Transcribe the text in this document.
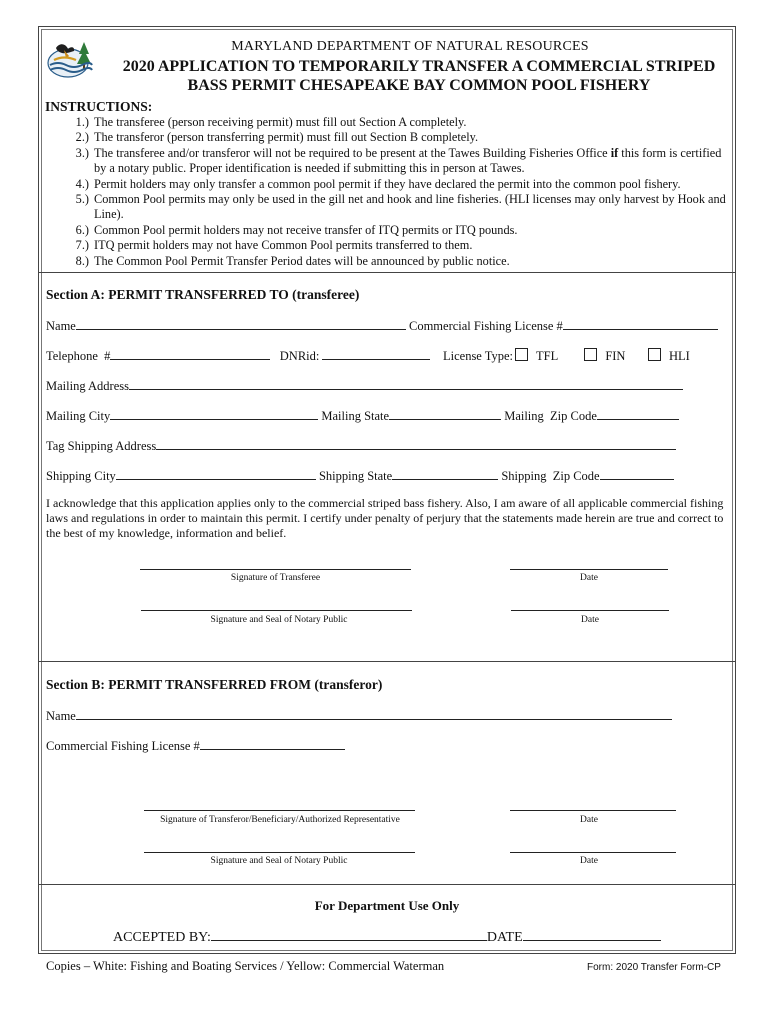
MARYLAND DEPARTMENT OF NATURAL RESOURCES
2020 APPLICATION TO TEMPORARILY TRANSFER A COMMERCIAL STRIPED
BASS PERMIT CHESAPEAKE BAY COMMON POOL FISHERY
INSTRUCTIONS:
1.) The transferee (person receiving permit) must fill out Section A completely.
2.) The transferor (person transferring permit) must fill out Section B completely.
3.) The transferee and/or transferor will not be required to be present at the Tawes Building Fisheries Office if this form is certified by a notary public. Proper identification is needed if submitting this in person at Tawes.
4.) Permit holders may only transfer a common pool permit if they have declared the permit into the common pool fishery.
5.) Common Pool permits may only be used in the gill net and hook and line fisheries. (HLI licenses may only harvest by Hook and Line).
6.) Common Pool permit holders may not receive transfer of ITQ permits or ITQ pounds.
7.) ITQ permit holders may not have Common Pool permits transferred to them.
8.) The Common Pool Permit Transfer Period dates will be announced by public notice.
Section A: PERMIT TRANSFERRED TO (transferee)
Name	Commercial Fishing License #
Telephone  #	DNRid:	License Type: TFL	FIN	HLI
Mailing Address
Mailing City	Mailing State	Mailing  Zip Code
Tag Shipping Address
Shipping City	Shipping State	Shipping  Zip Code
I acknowledge that this application applies only to the commercial striped bass fishery. Also, I am aware of all applicable commercial fishing laws and regulations in order to maintain this permit. I certify under penalty of perjury that the statements made herein are true and correct to the best of my knowledge, information and belief.
Signature of Transferee	Date
Signature and Seal of Notary Public	Date
Section B: PERMIT TRANSFERRED FROM (transferor)
Name
Commercial Fishing License #
Signature of Transferor/Beneficiary/Authorized Representative	Date
Signature and Seal of Notary Public	Date
For Department Use Only
ACCEPTED BY:	DATE
Copies – White: Fishing and Boating Services / Yellow: Commercial Waterman	Form: 2020 Transfer Form-CP
